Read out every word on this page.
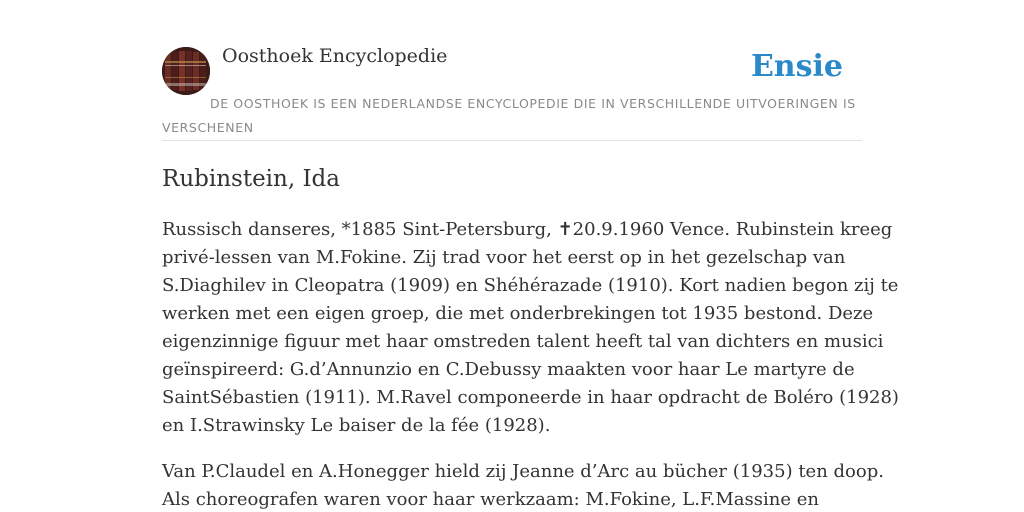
Oosthoek Encyclopedie	Ensie
DE OOSTHOEK IS EEN NEDERLANDSE ENCYCLOPEDIE DIE IN VERSCHILLENDE UITVOERINGEN IS VERSCHENEN
Rubinstein, Ida
Russisch danseres, *1885 Sint-Petersburg, ✝20.9.1960 Vence. Rubinstein kreeg
privé-lessen van M.Fokine. Zij trad voor het eerst op in het gezelschap van
S.Diaghilev in Cleopatra (1909) en Shéhérazade (1910). Kort nadien begon zij te
werken met een eigen groep, die met onderbrekingen tot 1935 bestond. Deze
eigenzinnige figuur met haar omstreden talent heeft tal van dichters en musici
geïnspireerd: G.d’Annunzio en C.Debussy maakten voor haar Le martyre de
SaintSébastien (1911). M.Ravel componeerde in haar opdracht de Boléro (1928)
en I.Strawinsky Le baiser de la fée (1928).
Van P.Claudel en A.Honegger hield zij Jeanne d’Arc au bücher (1935) ten doop.
Als choreografen waren voor haar werkzaam: M.Fokine, L.F.Massine en
